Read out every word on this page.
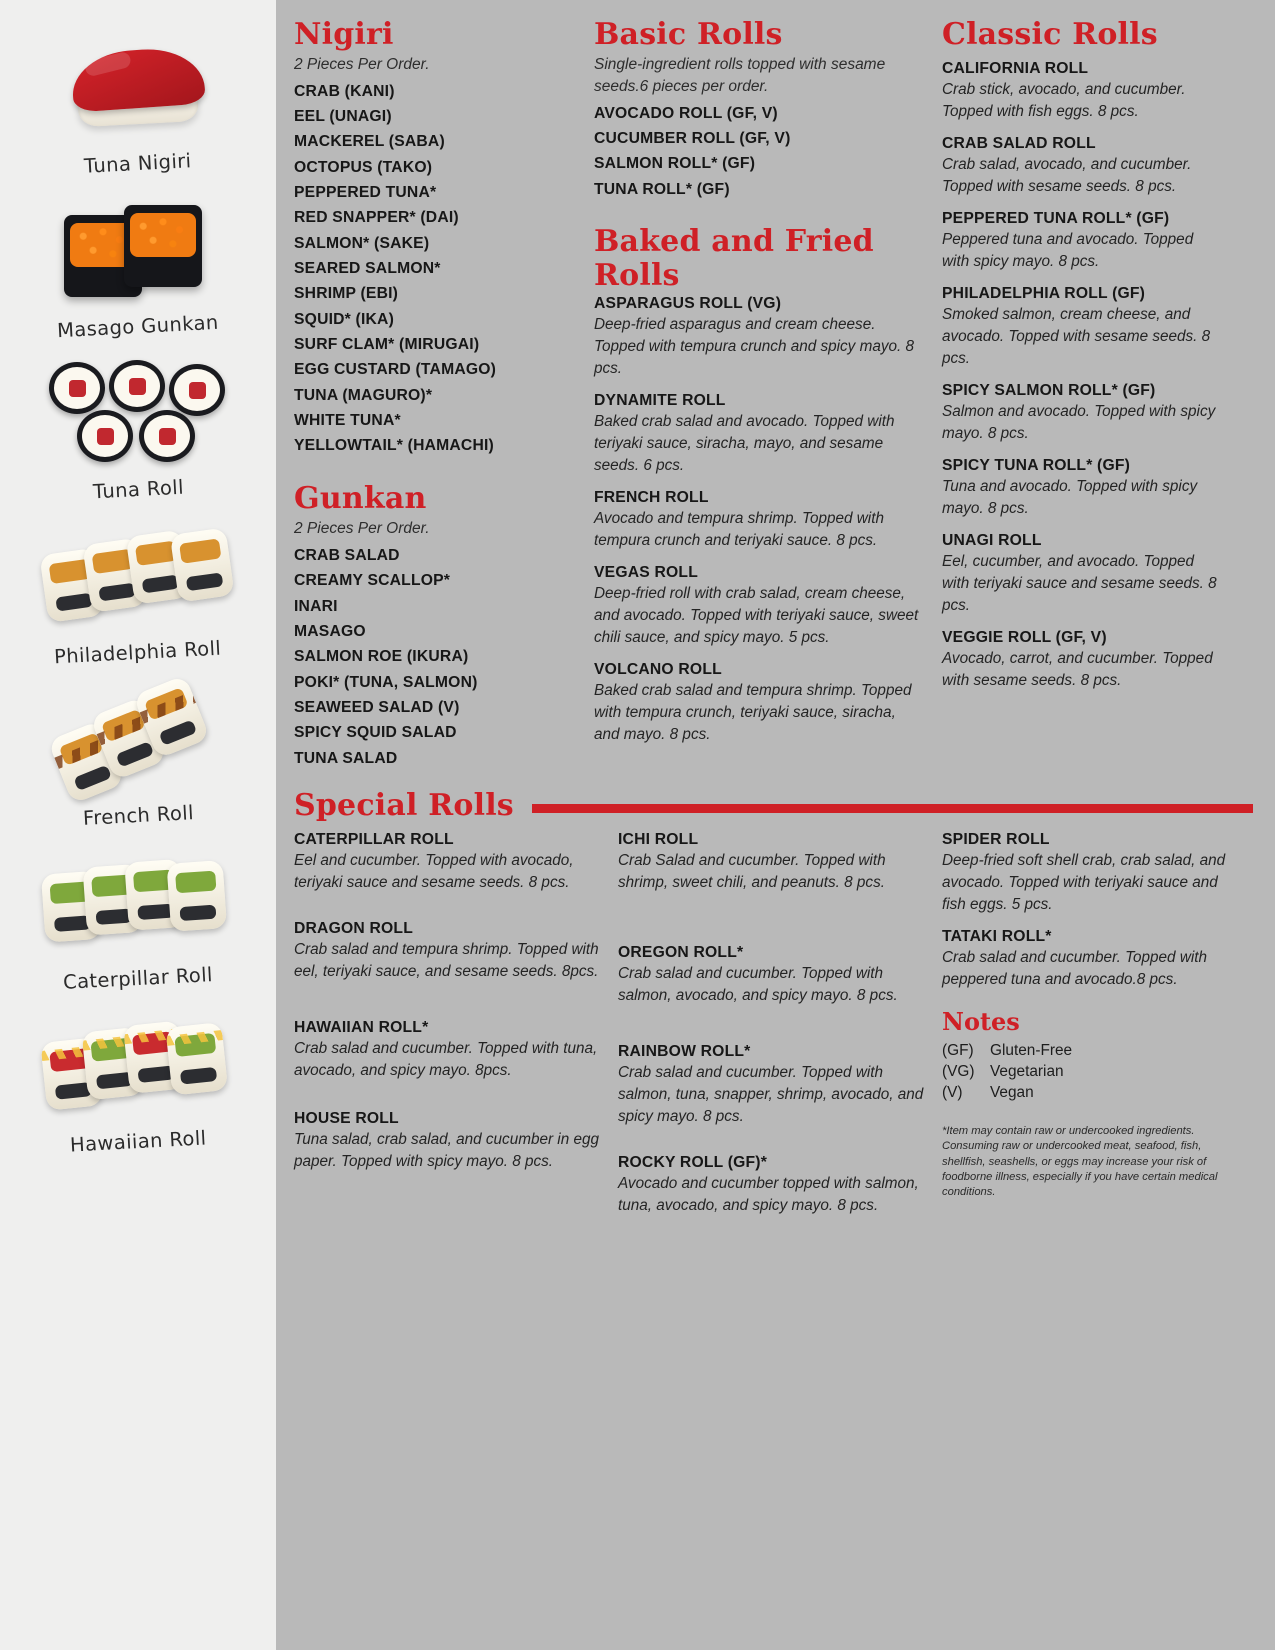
Tuna Nigiri
Masago Gunkan
Tuna Roll
Philadelphia Roll
French Roll
Caterpillar Roll
Hawaiian Roll
Nigiri

2 Pieces Per Order.

CRAB (KANI)
EEL (UNAGI)
MACKEREL (SABA)
OCTOPUS (TAKO)
PEPPERED TUNA*
RED SNAPPER* (DAI)
SALMON* (SAKE)
SEARED SALMON*
SHRIMP (EBI)
SQUID* (IKA)
SURF CLAM* (MIRUGAI)
EGG CUSTARD (TAMAGO)
TUNA (MAGURO)*
WHITE TUNA*
YELLOWTAIL* (HAMACHI)
Gunkan

2 Pieces Per Order.

CRAB SALAD
CREAMY SCALLOP*
INARI
MASAGO
SALMON ROE (IKURA)
POKI* (TUNA, SALMON)
SEAWEED SALAD (V)
SPICY SQUID SALAD
TUNA SALAD
Basic Rolls

Single-ingredient rolls topped with sesame seeds.6 pieces per order.

AVOCADO ROLL (GF, V)
CUCUMBER ROLL (GF, V)
SALMON ROLL* (GF)
TUNA ROLL* (GF)
Baked and Fried Rolls
ASPARAGUS ROLL (VG)
Deep-fried asparagus and cream cheese. Topped with tempura crunch and spicy mayo. 8 pcs.
DYNAMITE ROLL
Baked crab salad and avocado. Topped with teriyaki sauce, siracha, mayo, and sesame seeds. 6 pcs.
FRENCH ROLL
Avocado and tempura shrimp. Topped with tempura crunch and teriyaki sauce. 8 pcs.
VEGAS ROLL
Deep-fried roll with crab salad, cream cheese, and avocado. Topped with teriyaki sauce, sweet chili sauce, and spicy mayo. 5 pcs.
VOLCANO ROLL
Baked crab salad and tempura shrimp. Topped with tempura crunch, teriyaki sauce, siracha, and mayo. 8 pcs.
Classic Rolls
CALIFORNIA ROLL
Crab stick, avocado, and cucumber. Topped with fish eggs. 8 pcs.
CRAB SALAD ROLL
Crab salad, avocado, and cucumber. Topped with sesame seeds. 8 pcs.
PEPPERED TUNA ROLL* (GF)
Peppered tuna and avocado. Topped with spicy mayo. 8 pcs.
PHILADELPHIA ROLL (GF)
Smoked salmon, cream cheese, and avocado. Topped with sesame seeds. 8 pcs.
SPICY SALMON ROLL* (GF)
Salmon and avocado. Topped with spicy mayo. 8 pcs.
SPICY TUNA ROLL* (GF)
Tuna and avocado. Topped with spicy mayo. 8 pcs.
UNAGI ROLL
Eel, cucumber, and avocado. Topped with teriyaki sauce and sesame seeds. 8 pcs.
VEGGIE ROLL (GF, V)
Avocado, carrot, and cucumber. Topped with sesame seeds. 8 pcs.
Special Rolls
CATERPILLAR ROLL
Eel and cucumber. Topped with avocado, teriyaki sauce and sesame seeds. 8 pcs.
DRAGON ROLL
Crab salad and tempura shrimp. Topped with eel, teriyaki sauce, and sesame seeds. 8pcs.
HAWAIIAN ROLL*
Crab salad and cucumber. Topped with tuna, avocado, and spicy mayo. 8pcs.
HOUSE ROLL
Tuna salad, crab salad, and cucumber in egg paper. Topped with spicy mayo. 8 pcs.
ICHI ROLL
Crab Salad and cucumber. Topped with shrimp, sweet chili, and peanuts. 8 pcs.
OREGON ROLL*
Crab salad and cucumber. Topped with salmon, avocado, and spicy mayo. 8 pcs.
RAINBOW ROLL*
Crab salad and cucumber. Topped with salmon, tuna, snapper, shrimp, avocado, and spicy mayo. 8 pcs.
ROCKY ROLL (GF)*
Avocado and cucumber topped with salmon, tuna, avocado, and spicy mayo. 8 pcs.
SPIDER ROLL
Deep-fried soft shell crab, crab salad, and avocado. Topped with teriyaki sauce and fish eggs. 5 pcs.
TATAKI ROLL*
Crab salad and cucumber. Topped with peppered tuna and avocado.8 pcs.
Notes
(GF)	Gluten-Free
(VG)	Vegetarian
(V)	Vegan
*Item may contain raw or undercooked ingredients. Consuming raw or undercooked meat, seafood, fish, shellfish, seashells, or eggs may increase your risk of foodborne illness, especially if you have certain medical conditions.
